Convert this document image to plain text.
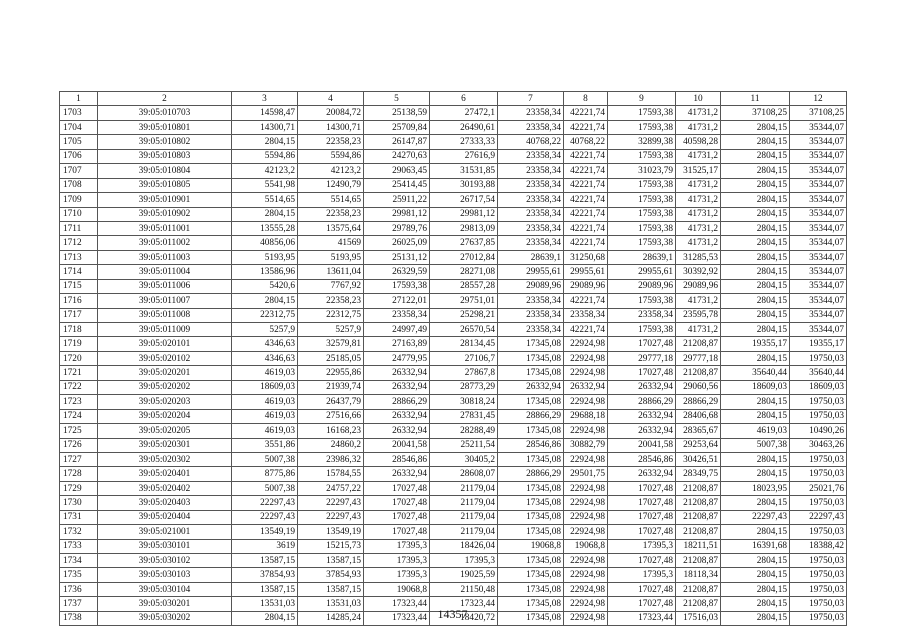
1	2	3	4	5	6	7	8	9	10	11	12
1703	39:05:010703	14598,47	20084,72	25138,59	27472,1	23358,34	42221,74	17593,38	41731,2	37108,25	37108,25
1704	39:05:010801	14300,71	14300,71	25709,84	26490,61	23358,34	42221,74	17593,38	41731,2	2804,15	35344,07
1705	39:05:010802	2804,15	22358,23	26147,87	27333,33	40768,22	40768,22	32899,38	40598,28	2804,15	35344,07
1706	39:05:010803	5594,86	5594,86	24270,63	27616,9	23358,34	42221,74	17593,38	41731,2	2804,15	35344,07
1707	39:05:010804	42123,2	42123,2	29063,45	31531,85	23358,34	42221,74	31023,79	31525,17	2804,15	35344,07
1708	39:05:010805	5541,98	12490,79	25414,45	30193,88	23358,34	42221,74	17593,38	41731,2	2804,15	35344,07
1709	39:05:010901	5514,65	5514,65	25911,22	26717,54	23358,34	42221,74	17593,38	41731,2	2804,15	35344,07
1710	39:05:010902	2804,15	22358,23	29981,12	29981,12	23358,34	42221,74	17593,38	41731,2	2804,15	35344,07
1711	39:05:011001	13555,28	13575,64	29789,76	29813,09	23358,34	42221,74	17593,38	41731,2	2804,15	35344,07
1712	39:05:011002	40856,06	41569	26025,09	27637,85	23358,34	42221,74	17593,38	41731,2	2804,15	35344,07
1713	39:05:011003	5193,95	5193,95	25131,12	27012,84	28639,1	31250,68	28639,1	31285,53	2804,15	35344,07
1714	39:05:011004	13586,96	13611,04	26329,59	28271,08	29955,61	29955,61	29955,61	30392,92	2804,15	35344,07
1715	39:05:011006	5420,6	7767,92	17593,38	28557,28	29089,96	29089,96	29089,96	29089,96	2804,15	35344,07
1716	39:05:011007	2804,15	22358,23	27122,01	29751,01	23358,34	42221,74	17593,38	41731,2	2804,15	35344,07
1717	39:05:011008	22312,75	22312,75	23358,34	25298,21	23358,34	23358,34	23358,34	23595,78	2804,15	35344,07
1718	39:05:011009	5257,9	5257,9	24997,49	26570,54	23358,34	42221,74	17593,38	41731,2	2804,15	35344,07
1719	39:05:020101	4346,63	32579,81	27163,89	28134,45	17345,08	22924,98	17027,48	21208,87	19355,17	19355,17
1720	39:05:020102	4346,63	25185,05	24779,95	27106,7	17345,08	22924,98	29777,18	29777,18	2804,15	19750,03
1721	39:05:020201	4619,03	22955,86	26332,94	27867,8	17345,08	22924,98	17027,48	21208,87	35640,44	35640,44
1722	39:05:020202	18609,03	21939,74	26332,94	28773,29	26332,94	26332,94	26332,94	29060,56	18609,03	18609,03
1723	39:05:020203	4619,03	26437,79	28866,29	30818,24	17345,08	22924,98	28866,29	28866,29	2804,15	19750,03
1724	39:05:020204	4619,03	27516,66	26332,94	27831,45	28866,29	29688,18	26332,94	28406,68	2804,15	19750,03
1725	39:05:020205	4619,03	16168,23	26332,94	28288,49	17345,08	22924,98	26332,94	28365,67	4619,03	10490,26
1726	39:05:020301	3551,86	24860,2	20041,58	25211,54	28546,86	30882,79	20041,58	29253,64	5007,38	30463,26
1727	39:05:020302	5007,38	23986,32	28546,86	30405,2	17345,08	22924,98	28546,86	30426,51	2804,15	19750,03
1728	39:05:020401	8775,86	15784,55	26332,94	28608,07	28866,29	29501,75	26332,94	28349,75	2804,15	19750,03
1729	39:05:020402	5007,38	24757,22	17027,48	21179,04	17345,08	22924,98	17027,48	21208,87	18023,95	25021,76
1730	39:05:020403	22297,43	22297,43	17027,48	21179,04	17345,08	22924,98	17027,48	21208,87	2804,15	19750,03
1731	39:05:020404	22297,43	22297,43	17027,48	21179,04	17345,08	22924,98	17027,48	21208,87	22297,43	22297,43
1732	39:05:021001	13549,19	13549,19	17027,48	21179,04	17345,08	22924,98	17027,48	21208,87	2804,15	19750,03
1733	39:05:030101	3619	15215,73	17395,3	18426,04	19068,8	19068,8	17395,3	18211,51	16391,68	18388,42
1734	39:05:030102	13587,15	13587,15	17395,3	17395,3	17345,08	22924,98	17027,48	21208,87	2804,15	19750,03
1735	39:05:030103	37854,93	37854,93	17395,3	19025,59	17345,08	22924,98	17395,3	18118,34	2804,15	19750,03
1736	39:05:030104	13587,15	13587,15	19068,8	21150,48	17345,08	22924,98	17027,48	21208,87	2804,15	19750,03
1737	39:05:030201	13531,03	13531,03	17323,44	17323,44	17345,08	22924,98	17027,48	21208,87	2804,15	19750,03
1738	39:05:030202	2804,15	14285,24	17323,44	18420,72	17345,08	22924,98	17323,44	17516,03	2804,15	19750,03
14357
